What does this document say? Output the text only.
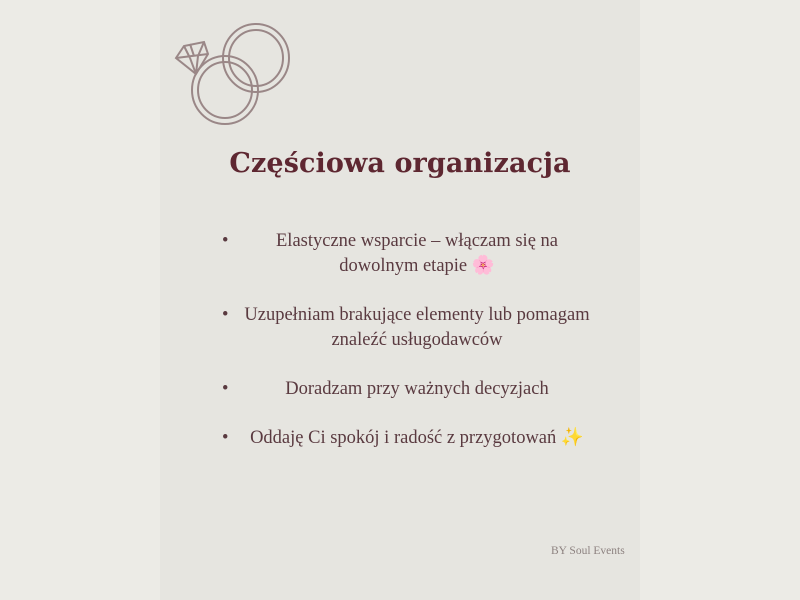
Częściowa organizacja
•	Elastyczne wsparcie – włączam się na dowolnym etapie 🌸
• Uzupełniam brakujące elementy lub pomagam znaleźć usługodawców
•	Doradzam przy ważnych decyzjach
•	Oddaję Ci spokój i radość z przygotowań ✨
BY Soul Events
